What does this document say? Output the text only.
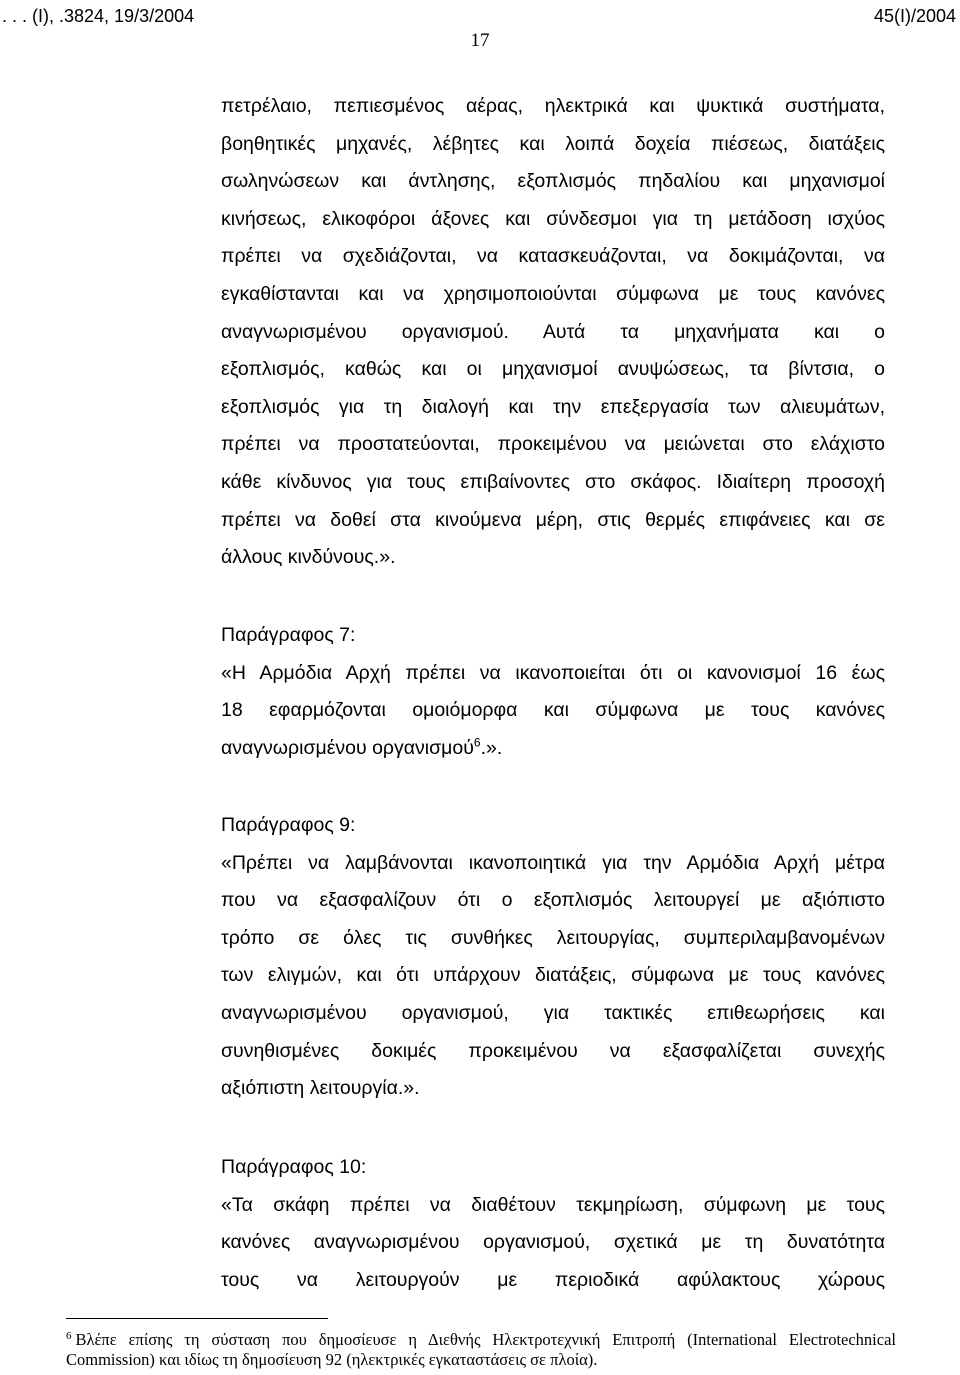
. . . (Ι), .3824, 19/3/2004	45(Ι)/2004
17
πετρέλαιο, πεπιεσμένος αέρας, ηλεκτρικά και ψυκτικά συστήματα,
βοηθητικές μηχανές, λέβητες και λοιπά δοχεία πιέσεως, διατάξεις
σωληνώσεων και άντλησης, εξοπλισμός πηδαλίου και μηχανισμοί
κινήσεως, ελικοφόροι άξονες και σύνδεσμοι για τη μετάδοση ισχύος
πρέπει να σχεδιάζονται, να κατασκευάζονται, να δοκιμάζονται, να
εγκαθίστανται και να χρησιμοποιούνται σύμφωνα με τους κανόνες
αναγνωρισμένου οργανισμού. Αυτά τα μηχανήματα και ο
εξοπλισμός, καθώς και οι μηχανισμοί ανυψώσεως, τα βίντσια, ο
εξοπλισμός για τη διαλογή και την επεξεργασία των αλιευμάτων,
πρέπει να προστατεύονται, προκειμένου να μειώνεται στο ελάχιστο
κάθε κίνδυνος για τους επιβαίνοντες στο σκάφος. Ιδιαίτερη προσοχή
πρέπει να δοθεί στα κινούμενα μέρη, στις θερμές επιφάνειες και σε
άλλους κινδύνους.».
Παράγραφος 7:
«Η Αρμόδια Αρχή πρέπει να ικανοποιείται ότι οι κανονισμοί 16 έως
18 εφαρμόζονται ομοιόμορφα και σύμφωνα με τους κανόνες
αναγνωρισμένου οργανισμού$^6$.».
Παράγραφος 9:
«Πρέπει να λαμβάνονται ικανοποιητικά για την Αρμόδια Αρχή μέτρα
που να εξασφαλίζουν ότι ο εξοπλισμός λειτουργεί με αξιόπιστο
τρόπο σε όλες τις συνθήκες λειτουργίας, συμπεριλαμβανομένων
των ελιγμών, και ότι υπάρχουν διατάξεις, σύμφωνα με τους κανόνες
αναγνωρισμένου οργανισμού, για τακτικές επιθεωρήσεις και
συνηθισμένες δοκιμές προκειμένου να εξασφαλίζεται συνεχής
αξιόπιστη λειτουργία.».
Παράγραφος 10:
«Τα σκάφη πρέπει να διαθέτουν τεκμηρίωση, σύμφωνη με τους
κανόνες αναγνωρισμένου οργανισμού, σχετικά με τη δυνατότητα
τους να λειτουργούν με περιοδικά αφύλακτους χώρους
$^6$ Βλέπε επίσης τη σύσταση που δημοσίευσε η Διεθνής Ηλεκτροτεχνική Επιτροπή (International Electrotechnical
Commission) και ιδίως τη δημοσίευση 92 (ηλεκτρικές εγκαταστάσεις σε πλοία).
